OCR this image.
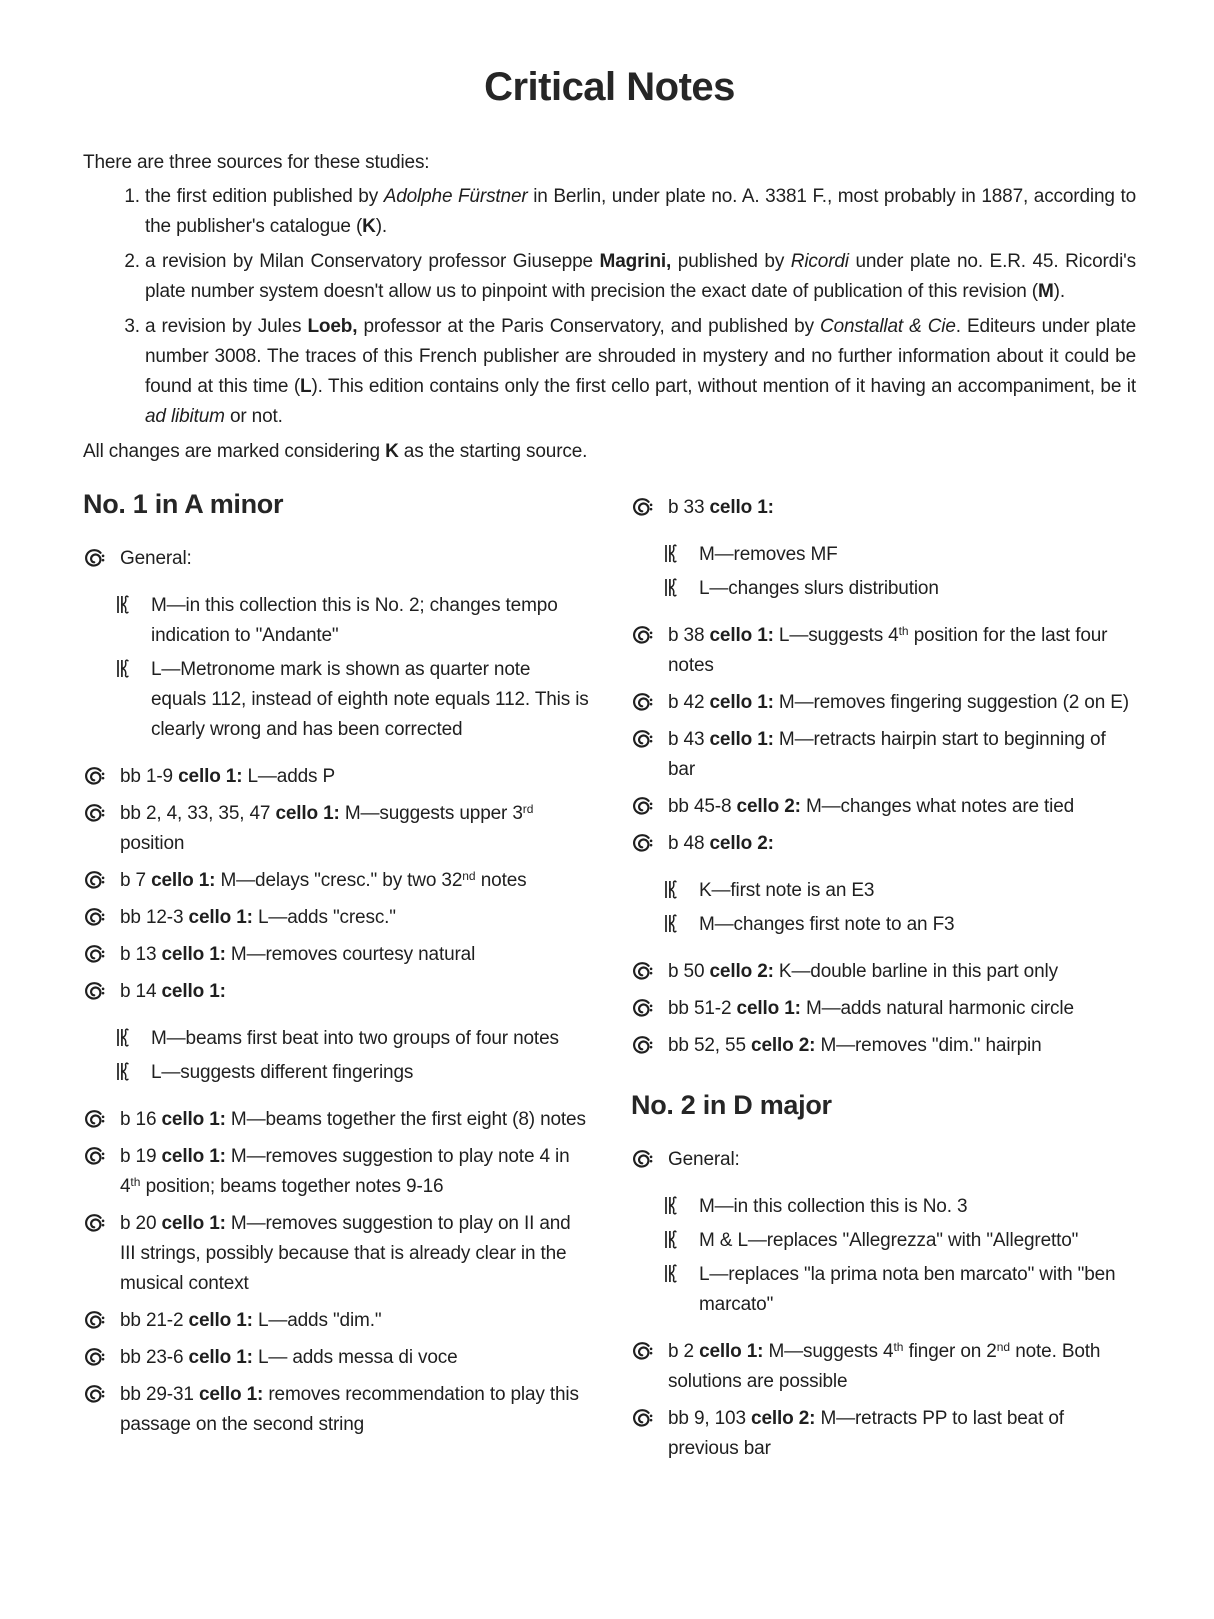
Critical Notes

There are three sources for these studies:

1. the first edition published by Adolphe Fürstner in Berlin, under plate no. A. 3381 F., most probably in 1887, according to the publisher's catalogue (K).
2. a revision by Milan Conservatory professor Giuseppe Magrini, published by Ricordi under plate no. E.R. 45. Ricordi's plate number system doesn't allow us to pinpoint with precision the exact date of publication of this revision (M).
3. a revision by Jules Loeb, professor at the Paris Conservatory, and published by Constallat & Cie. Editeurs under plate number 3008. The traces of this French publisher are shrouded in mystery and no further information about it could be found at this time (L). This edition contains only the first cello part, without mention of it having an accompaniment, be it ad libitum or not.

All changes are marked considering K as the starting source.

No. 1 in A minor
General:
M—in this collection this is No. 2; changes tempo indication to "Andante"
L—Metronome mark is shown as quarter note equals 112, instead of eighth note equals 112. This is clearly wrong and has been corrected
bb 1-9 cello 1: L—adds P
bb 2, 4, 33, 35, 47 cello 1: M—suggests upper 3rd position
b 7 cello 1: M—delays "cresc." by two 32nd notes
bb 12-3 cello 1: L—adds "cresc."
b 13 cello 1: M—removes courtesy natural
b 14 cello 1:
M—beams first beat into two groups of four notes
L—suggests different fingerings
b 16 cello 1: M—beams together the first eight (8) notes
b 19 cello 1: M—removes suggestion to play note 4 in 4th position; beams together notes 9-16
b 20 cello 1: M—removes suggestion to play on II and III strings, possibly because that is already clear in the musical context
bb 21-2 cello 1: L—adds "dim."
bb 23-6 cello 1: L— adds messa di voce
bb 29-31 cello 1: removes recommendation to play this passage on the second string
b 33 cello 1:
M—removes MF
L—changes slurs distribution
b 38 cello 1: L—suggests 4th position for the last four notes
b 42 cello 1: M—removes fingering suggestion (2 on E)
b 43 cello 1: M—retracts hairpin start to beginning of bar
bb 45-8 cello 2: M—changes what notes are tied
b 48 cello 2:
K—first note is an E3
M—changes first note to an F3
b 50 cello 2: K—double barline in this part only
bb 51-2 cello 1: M—adds natural harmonic circle
bb 52, 55 cello 2: M—removes "dim." hairpin
No. 2 in D major
General:
M—in this collection this is No. 3
M & L—replaces "Allegrezza" with "Allegretto"
L—replaces "la prima nota ben marcato" with "ben marcato"
b 2 cello 1: M—suggests 4th finger on 2nd note. Both solutions are possible
bb 9, 103 cello 2: M—retracts PP to last beat of previous bar
